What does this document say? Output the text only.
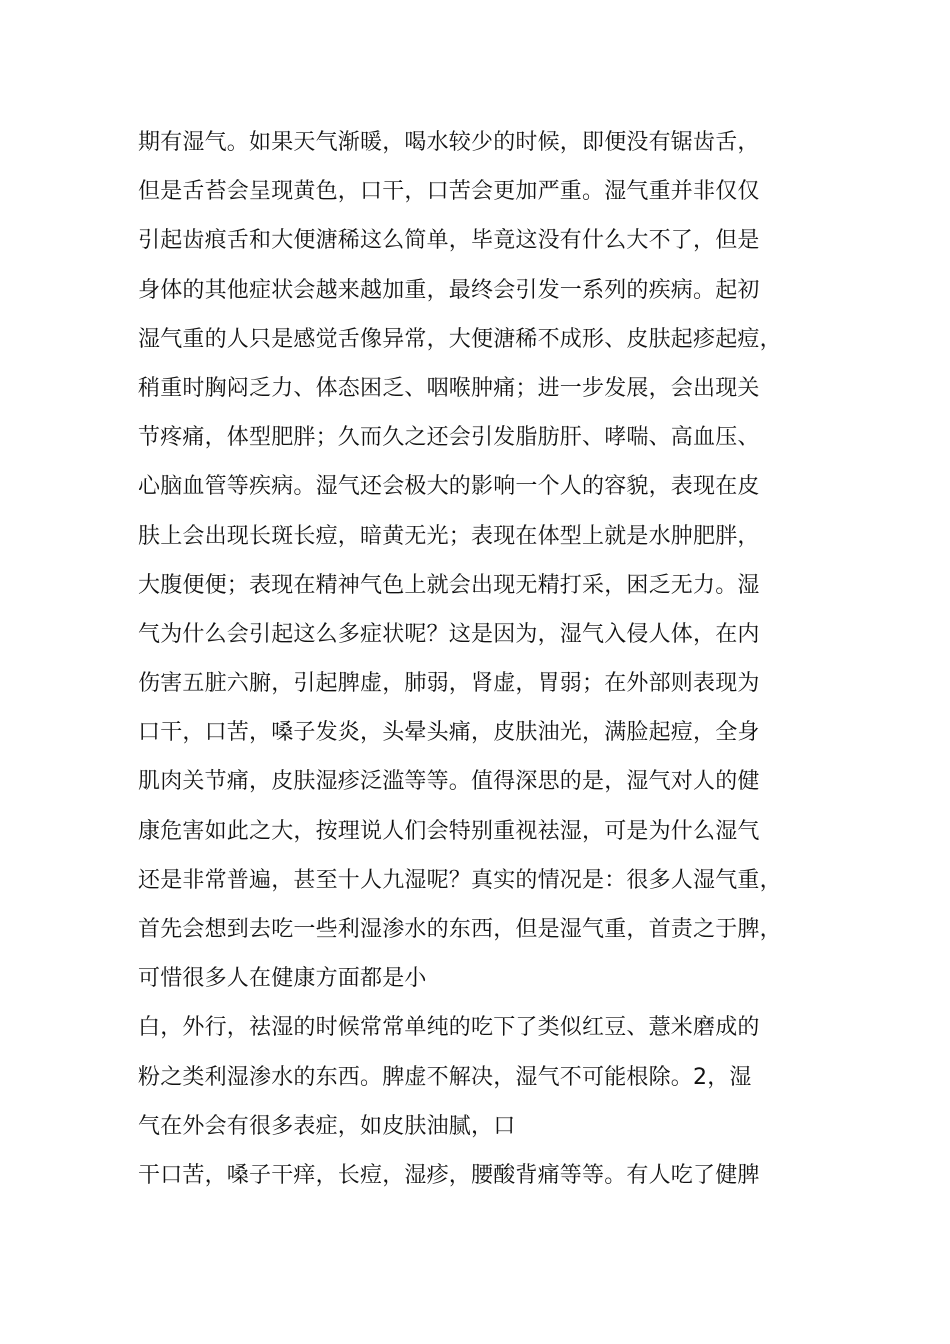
期有湿气。如果天气渐暖，喝水较少的时候，即便没有锯齿舌，
但是舌苔会呈现黄色，口干，口苦会更加严重。湿气重并非仅仅
引起齿痕舌和大便溏稀这么简单，毕竟这没有什么大不了，但是
身体的其他症状会越来越加重，最终会引发一系列的疾病。起初
湿气重的人只是感觉舌像异常，大便溏稀不成形、皮肤起疹起痘，
稍重时胸闷乏力、体态困乏、咽喉肿痛；进一步发展，会出现关
节疼痛，体型肥胖；久而久之还会引发脂肪肝、哮喘、高血压、
心脑血管等疾病。湿气还会极大的影响一个人的容貌，表现在皮
肤上会出现长斑长痘，暗黄无光；表现在体型上就是水肿肥胖，
大腹便便；表现在精神气色上就会出现无精打采，困乏无力。湿
气为什么会引起这么多症状呢？这是因为，湿气入侵人体，在内
伤害五脏六腑，引起脾虚，肺弱，肾虚，胃弱；在外部则表现为
口干，口苦，嗓子发炎，头晕头痛，皮肤油光，满脸起痘，全身
肌肉关节痛，皮肤湿疹泛滥等等。值得深思的是，湿气对人的健
康危害如此之大，按理说人们会特别重视祛湿，可是为什么湿气
还是非常普遍，甚至十人九湿呢？真实的情况是：很多人湿气重，
首先会想到去吃一些利湿渗水的东西，但是湿气重，首责之于脾，
可惜很多人在健康方面都是小
白，外行，祛湿的时候常常单纯的吃下了类似红豆、薏米磨成的
粉之类利湿渗水的东西。脾虚不解决，湿气不可能根除。2，湿
气在外会有很多表症，如皮肤油腻，口
干口苦，嗓子干痒，长痘，湿疹，腰酸背痛等等。有人吃了健脾
